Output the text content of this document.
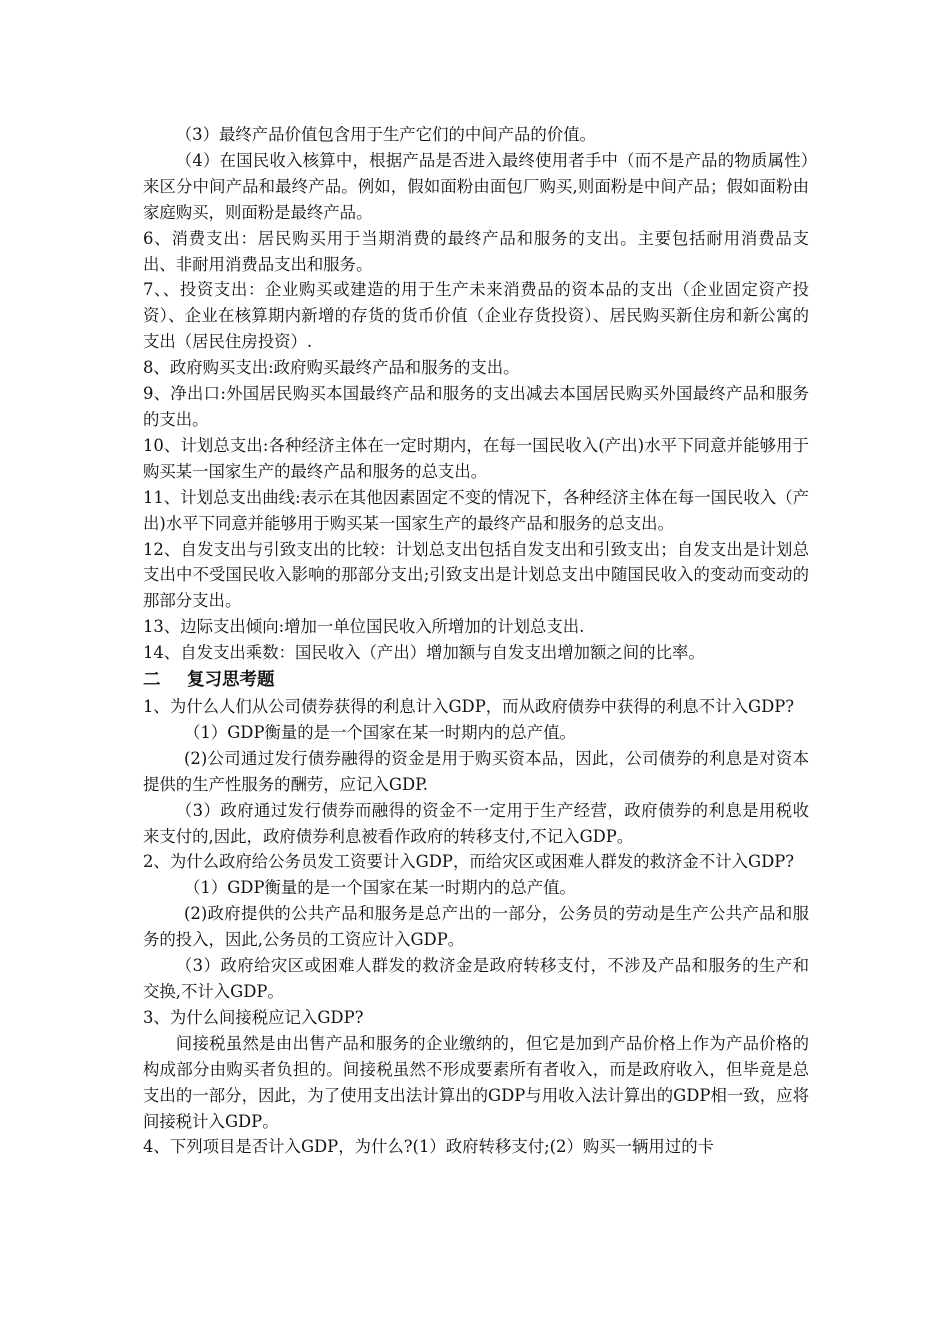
（3）最终产品价值包含用于生产它们的中间产品的价值。

（4）在国民收入核算中，根据产品是否进入最终使用者手中（而不是产品的物质属性）来区分中间产品和最终产品。例如，假如面粉由面包厂购买,则面粉是中间产品；假如面粉由家庭购买，则面粉是最终产品。

6、消费支出：居民购买用于当期消费的最终产品和服务的支出。主要包括耐用消费品支出、非耐用消费品支出和服务。

7、、投资支出：企业购买或建造的用于生产未来消费品的资本品的支出（企业固定资产投资）、企业在核算期内新增的存货的货币价值（企业存货投资）、居民购买新住房和新公寓的支出（居民住房投资）.

8、政府购买支出:政府购买最终产品和服务的支出。

9、净出口:外国居民购买本国最终产品和服务的支出减去本国居民购买外国最终产品和服务的支出。

10、计划总支出:各种经济主体在一定时期内，在每一国民收入(产出)水平下同意并能够用于购买某一国家生产的最终产品和服务的总支出。

11、计划总支出曲线:表示在其他因素固定不变的情况下，各种经济主体在每一国民收入（产出)水平下同意并能够用于购买某一国家生产的最终产品和服务的总支出。

12、自发支出与引致支出的比较：计划总支出包括自发支出和引致支出；自发支出是计划总支出中不受国民收入影响的那部分支出;引致支出是计划总支出中随国民收入的变动而变动的那部分支出。

13、边际支出倾向:增加一单位国民收入所增加的计划总支出.

14、自发支出乘数：国民收入（产出）增加额与自发支出增加额之间的比率。

二 复习思考题

1、为什么人们从公司债券获得的利息计入GDP，而从政府债券中获得的利息不计入GDP?

（1）GDP衡量的是一个国家在某一时期内的总产值。

(2)公司通过发行债券融得的资金是用于购买资本品，因此，公司债券的利息是对资本提供的生产性服务的酬劳，应记入GDP.

（3）政府通过发行债券而融得的资金不一定用于生产经营，政府债券的利息是用税收来支付的,因此，政府债券利息被看作政府的转移支付,不记入GDP。

2、为什么政府给公务员发工资要计入GDP，而给灾区或困难人群发的救济金不计入GDP?

（1）GDP衡量的是一个国家在某一时期内的总产值。

(2)政府提供的公共产品和服务是总产出的一部分，公务员的劳动是生产公共产品和服务的投入，因此,公务员的工资应计入GDP。

（3）政府给灾区或困难人群发的救济金是政府转移支付，不涉及产品和服务的生产和交换,不计入GDP。

3、为什么间接税应记入GDP?

间接税虽然是由出售产品和服务的企业缴纳的，但它是加到产品价格上作为产品价格的构成部分由购买者负担的。间接税虽然不形成要素所有者收入，而是政府收入，但毕竟是总支出的一部分，因此，为了使用支出法计算出的GDP与用收入法计算出的GDP相一致，应将间接税计入GDP。

4、下列项目是否计入GDP，为什么?(1）政府转移支付;(2）购买一辆用过的卡
